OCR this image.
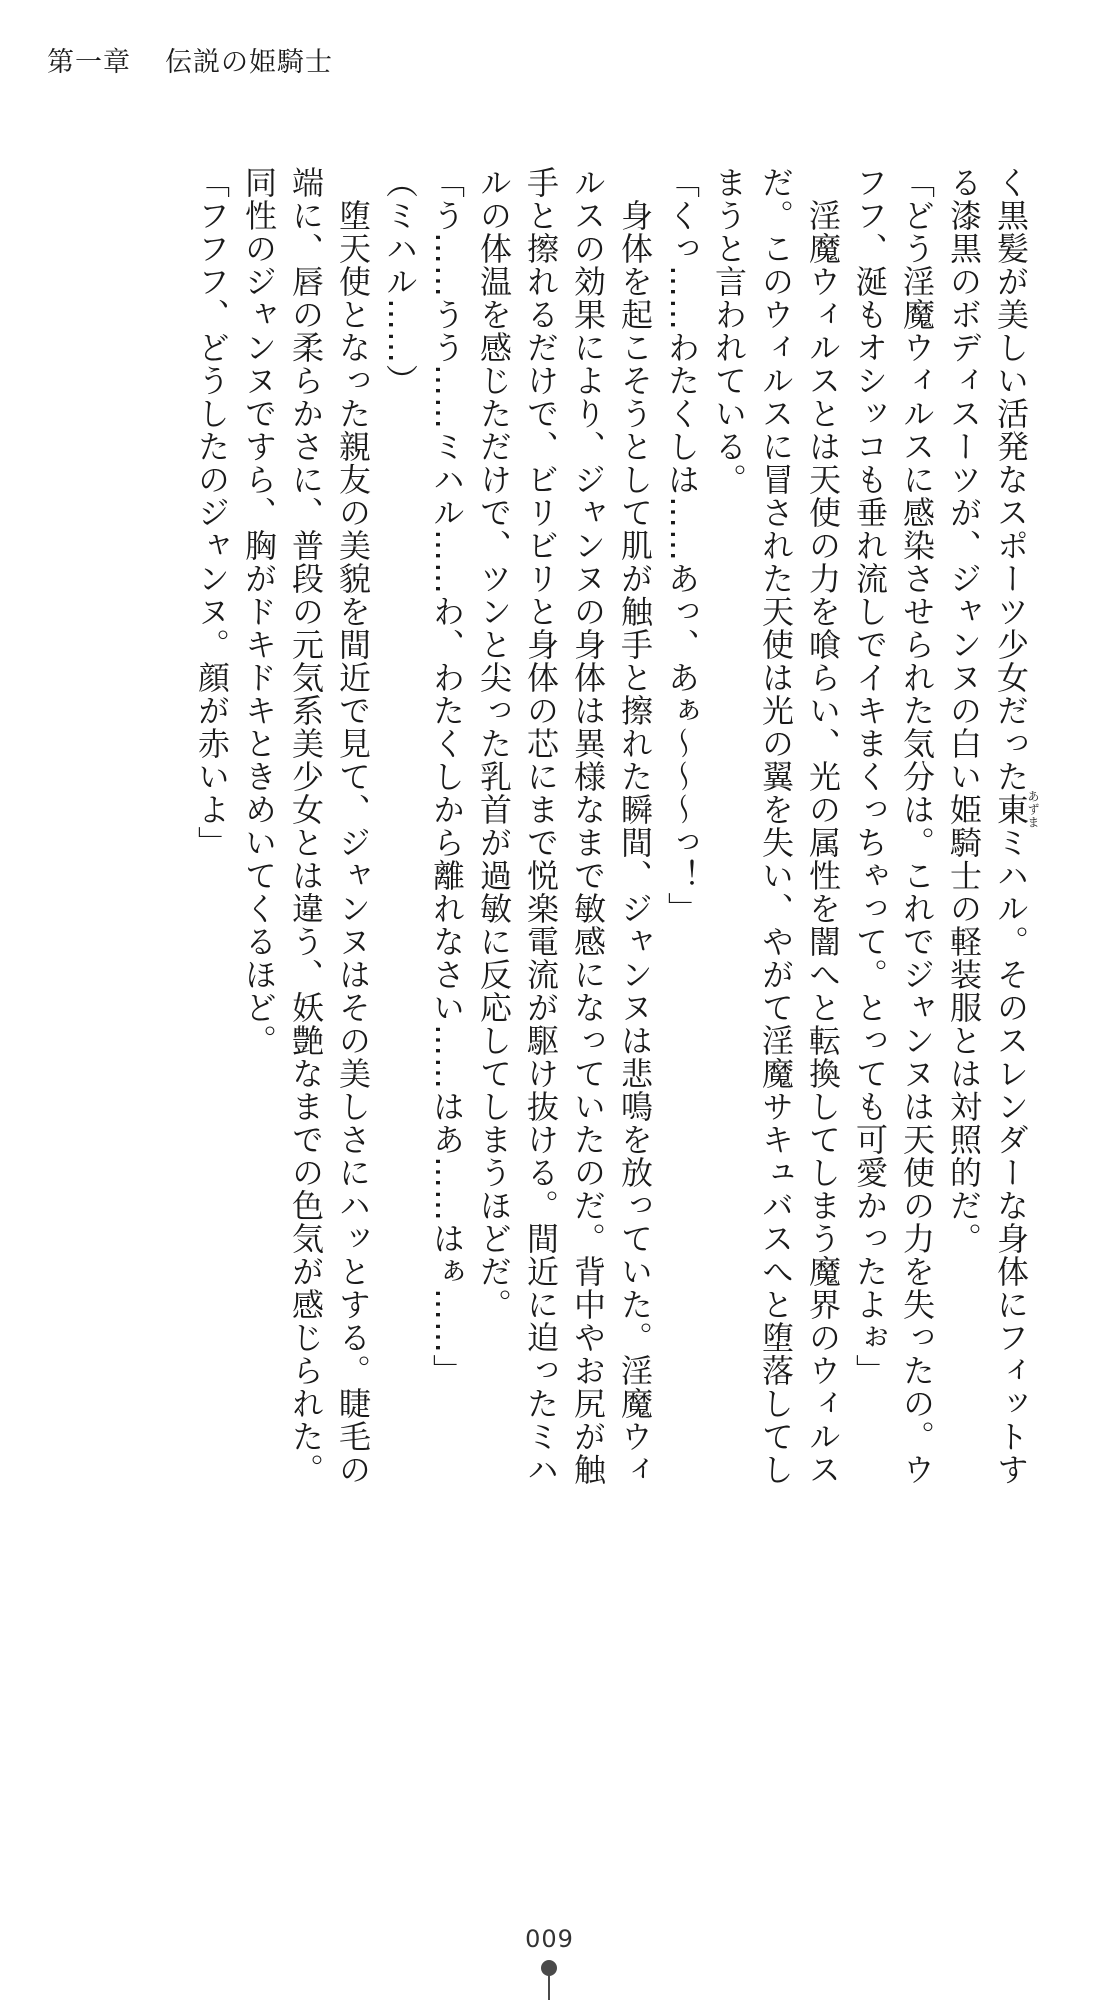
第一章 伝説の姫騎士
く黒髪が美しい活発なスポーツ少女だった東あずまミハル。そのスレンダーな身体にフィットす
る漆黒のボディスーツが、ジャンヌの白い姫騎士の軽装服とは対照的だ。
「どう淫魔ウィルスに感染させられた気分は。これでジャンヌは天使の力を失ったの。ウ
フフ、涎もオシッコも垂れ流しでイキまくっちゃって。とっても可愛かったよぉ」
　淫魔ウィルスとは天使の力を喰らい、光の属性を闇へと転換してしまう魔界のウィルス
だ。このウィルスに冒された天使は光の翼を失い、やがて淫魔サキュバスへと堕落してし
まうと言われている。
「くっ……わたくしは……あっ、あぁ～～～っ！」
　身体を起こそうとして肌が触手と擦れた瞬間、ジャンヌは悲鳴を放っていた。淫魔ウィ
ルスの効果により、ジャンヌの身体は異様なまで敏感になっていたのだ。背中やお尻が触
手と擦れるだけで、ビリビリと身体の芯にまで悦楽電流が駆け抜ける。間近に迫ったミハ
ルの体温を感じただけで、ツンと尖った乳首が過敏に反応してしまうほどだ。
「う……うう……ミハル……わ、わたくしから離れなさい……はあ……はぁ……」
（ミハル……）
　堕天使となった親友の美貌を間近で見て、ジャンヌはその美しさにハッとする。睫毛の
端に、唇の柔らかさに、普段の元気系美少女とは違う、妖艶なまでの色気が感じられた。
同性のジャンヌですら、胸がドキドキときめいてくるほど。
「フフフ、どうしたのジャンヌ。顔が赤いよ」
009
